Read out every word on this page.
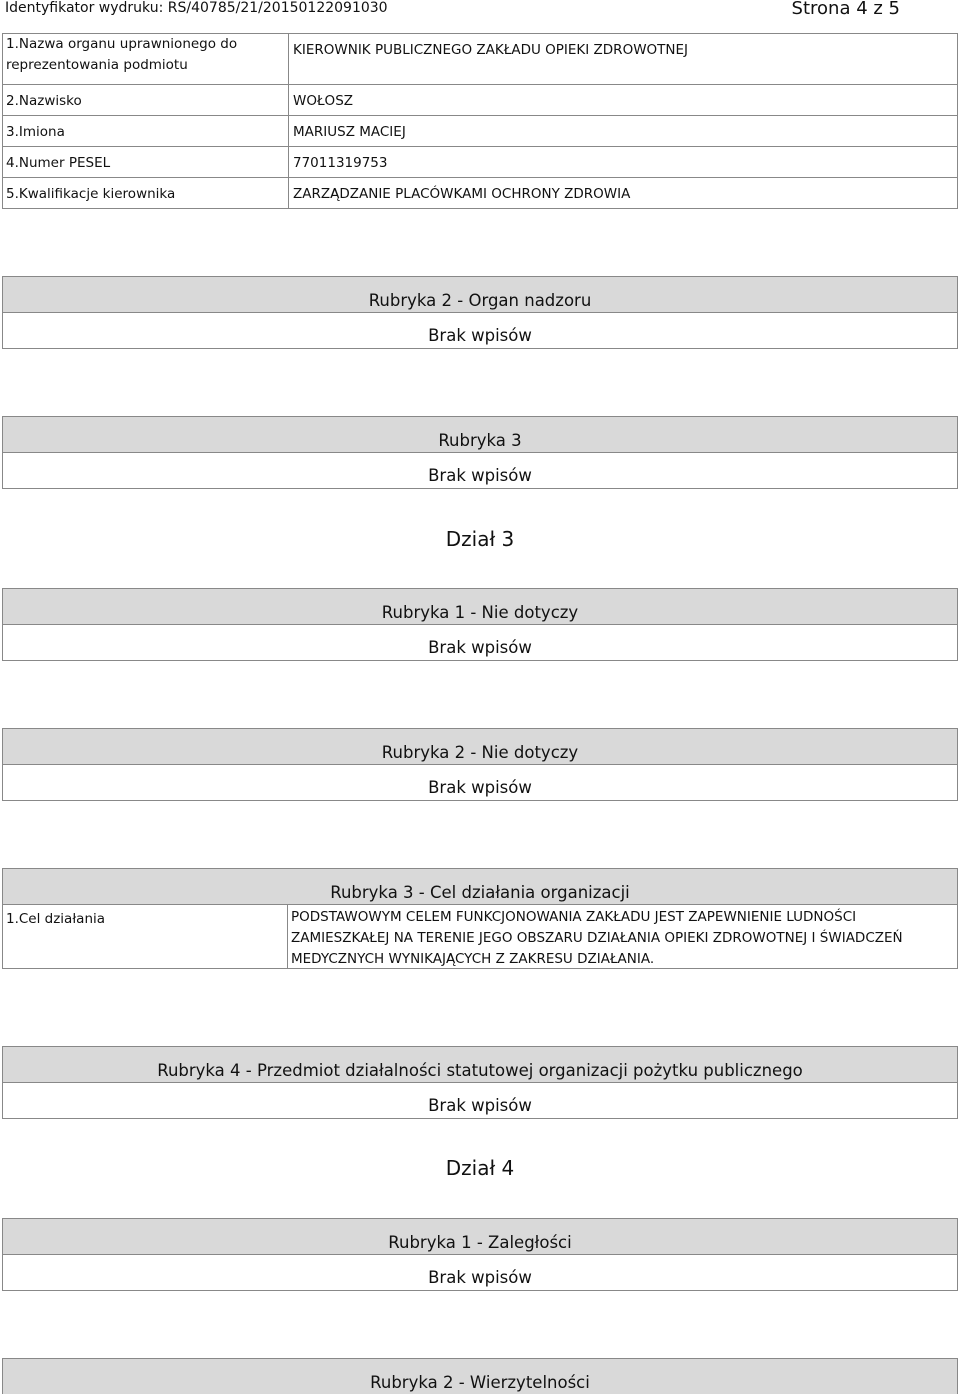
Identyfikator wydruku: RS/40785/21/20150122091030	Strona 4 z 5
1.Nazwa organu uprawnionego do reprezentowania podmiotu	KIEROWNIK PUBLICZNEGO ZAKŁADU OPIEKI ZDROWOTNEJ
2.Nazwisko	WOŁOSZ
3.Imiona	MARIUSZ MACIEJ
4.Numer PESEL	77011319753
5.Kwalifikacje kierownika	ZARZĄDZANIE PLACÓWKAMI OCHRONY ZDROWIA
Rubryka 2 - Organ nadzoru
Brak wpisów
Rubryka 3
Brak wpisów
Dział 3
Rubryka 1 - Nie dotyczy
Brak wpisów
Rubryka 2 - Nie dotyczy
Brak wpisów
Rubryka 3 - Cel działania organizacji
1.Cel działania	PODSTAWOWYM CELEM FUNKCJONOWANIA ZAKŁADU JEST ZAPEWNIENIE LUDNOŚCI ZAMIESZKAŁEJ NA TERENIE JEGO OBSZARU DZIAŁANIA OPIEKI ZDROWOTNEJ I ŚWIADCZEŃ MEDYCZNYCH WYNIKAJĄCYCH Z ZAKRESU DZIAŁANIA.
Rubryka 4 - Przedmiot działalności statutowej organizacji pożytku publicznego
Brak wpisów
Dział 4
Rubryka 1 - Zaległości
Brak wpisów
Rubryka 2 - Wierzytelności
